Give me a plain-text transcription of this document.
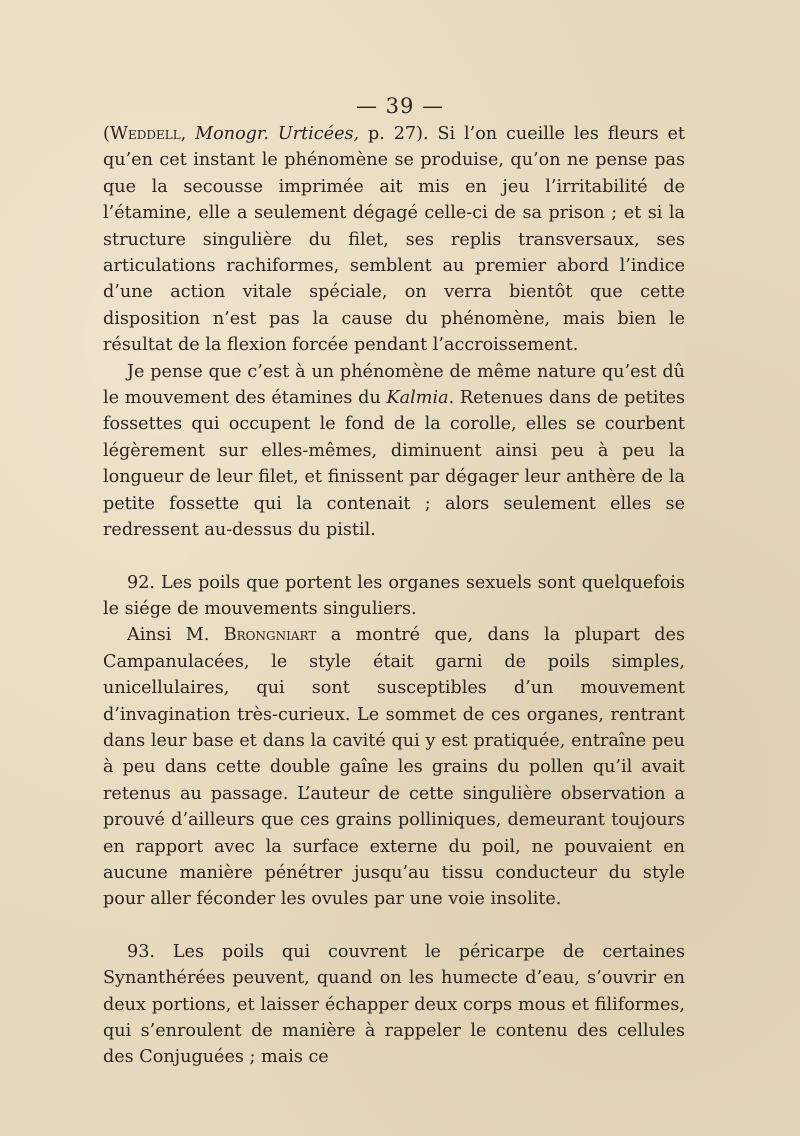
— 39 —

(Weddell, Monogr. Urticées, p. 27). Si l’on cueille les fleurs et qu’en cet instant le phénomène se produise, qu’on ne pense pas que la secousse imprimée ait mis en jeu l’irritabilité de l’étamine, elle a seulement dégagé celle-ci de sa prison ; et si la structure singulière du filet, ses replis transversaux, ses articulations rachiformes, semblent au premier abord l’indice d’une action vitale spéciale, on verra bientôt que cette disposition n’est pas la cause du phénomène, mais bien le résultat de la flexion forcée pendant l’accroissement.

Je pense que c’est à un phénomène de même nature qu’est dû le mouvement des étamines du Kalmia. Retenues dans de petites fossettes qui occupent le fond de la corolle, elles se courbent légèrement sur elles-mêmes, diminuent ainsi peu à peu la longueur de leur filet, et finissent par dégager leur anthère de la petite fossette qui la contenait ; alors seulement elles se redressent au-dessus du pistil.

92. Les poils que portent les organes sexuels sont quelquefois le siége de mouvements singuliers.

Ainsi M. Brongniart a montré que, dans la plupart des Campanulacées, le style était garni de poils simples, unicellulaires, qui sont susceptibles d’un mouvement d’invagination très-curieux. Le sommet de ces organes, rentrant dans leur base et dans la cavité qui y est pratiquée, entraîne peu à peu dans cette double gaîne les grains du pollen qu’il avait retenus au passage. L’auteur de cette singulière observation a prouvé d’ailleurs que ces grains polliniques, demeurant toujours en rapport avec la surface externe du poil, ne pouvaient en aucune manière pénétrer jusqu’au tissu conducteur du style pour aller féconder les ovules par une voie insolite.

93. Les poils qui couvrent le péricarpe de certaines Synanthérées peuvent, quand on les humecte d’eau, s’ouvrir en deux portions, et laisser échapper deux corps mous et filiformes, qui s’enroulent de manière à rappeler le contenu des cellules des Conjuguées ; mais ce
